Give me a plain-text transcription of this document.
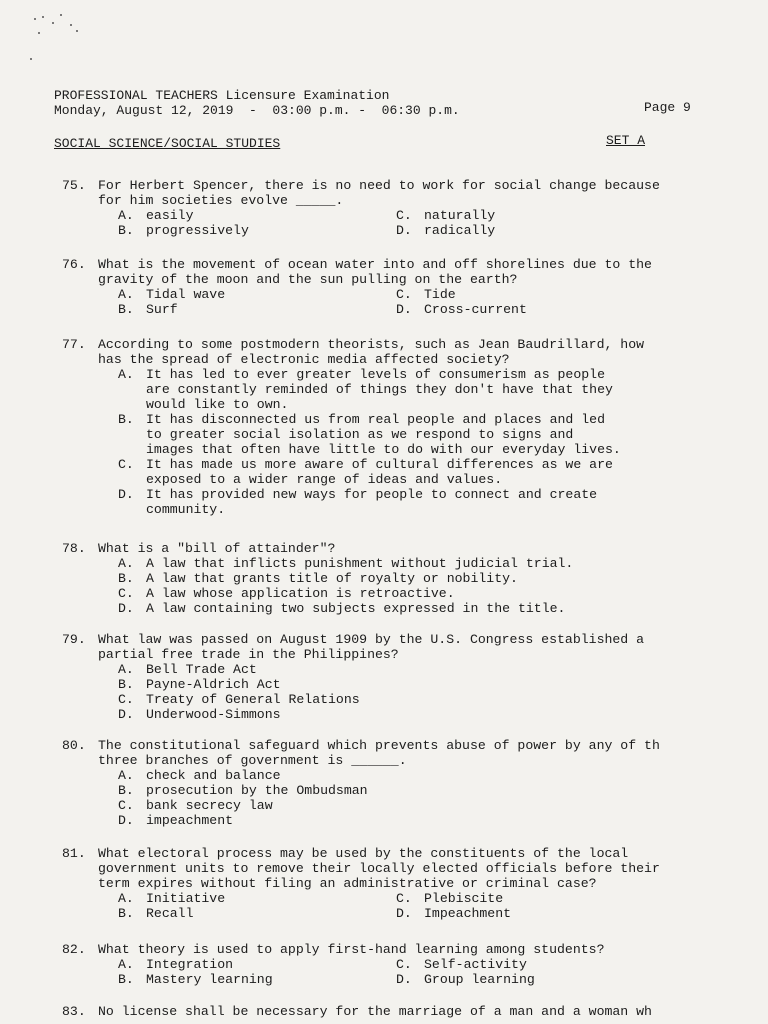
PROFESSIONAL TEACHERS Licensure Examination
Monday, August 12, 2019  -  03:00 p.m. -  06:30 p.m.	Page 9
SOCIAL SCIENCE/SOCIAL STUDIES	SET A
75. For Herbert Spencer, there is no need to work for social change because
for him societies evolve _____.
A. easily	C. naturally
B. progressively	D. radically
76. What is the movement of ocean water into and off shorelines due to the
gravity of the moon and the sun pulling on the earth?
A. Tidal wave	C. Tide
B. Surf	D. Cross-current
77. According to some postmodern theorists, such as Jean Baudrillard, how
has the spread of electronic media affected society?
A. It has led to ever greater levels of consumerism as people
are constantly reminded of things they don't have that they
would like to own.
B. It has disconnected us from real people and places and led
to greater social isolation as we respond to signs and
images that often have little to do with our everyday lives.
C. It has made us more aware of cultural differences as we are
exposed to a wider range of ideas and values.
D. It has provided new ways for people to connect and create
community.
78. What is a "bill of attainder"?
A. A law that inflicts punishment without judicial trial.
B. A law that grants title of royalty or nobility.
C. A law whose application is retroactive.
D. A law containing two subjects expressed in the title.
79. What law was passed on August 1909 by the U.S. Congress established a
partial free trade in the Philippines?
A. Bell Trade Act
B. Payne-Aldrich Act
C. Treaty of General Relations
D. Underwood-Simmons
80. The constitutional safeguard which prevents abuse of power by any of th
three branches of government is ______.
A. check and balance
B. prosecution by the Ombudsman
C. bank secrecy law
D. impeachment
81. What electoral process may be used by the constituents of the local
government units to remove their locally elected officials before their
term expires without filing an administrative or criminal case?
A. Initiative	C. Plebiscite
B. Recall	D. Impeachment
82. What theory is used to apply first-hand learning among students?
A. Integration	C. Self-activity
B. Mastery learning	D. Group learning
83. No license shall be necessary for the marriage of a man and a woman wh
